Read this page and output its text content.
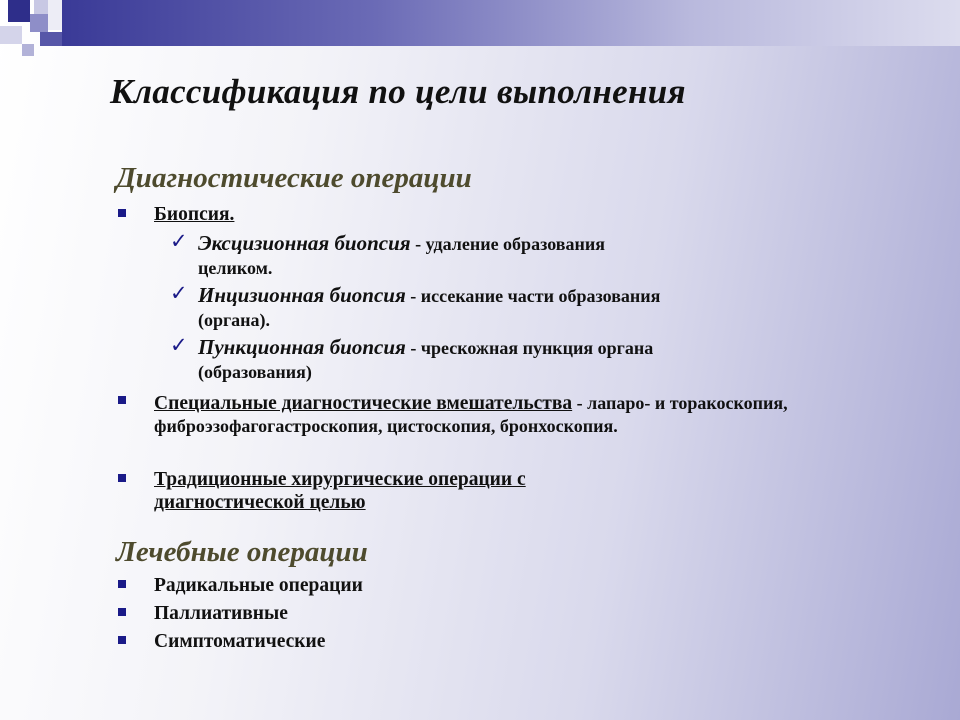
Классификация по цели выполнения
Диагностические операции
Биопсия.
✓ Эксцизионная биопсия - удаление образования
целиком.
✓ Инцизионная биопсия - иссекание части образования
(органа).
✓ Пункционная биопсия - чрескожная пункция органа
(образования)
Специальные диагностические вмешательства - лапаро- и торакоскопия, фиброэзофагогастроскопия, цистоскопия, бронхоскопия.
Традиционные хирургические операции с
диагностической целью
Лечебные операции
Радикальные операции
Паллиативные
Симптоматические
